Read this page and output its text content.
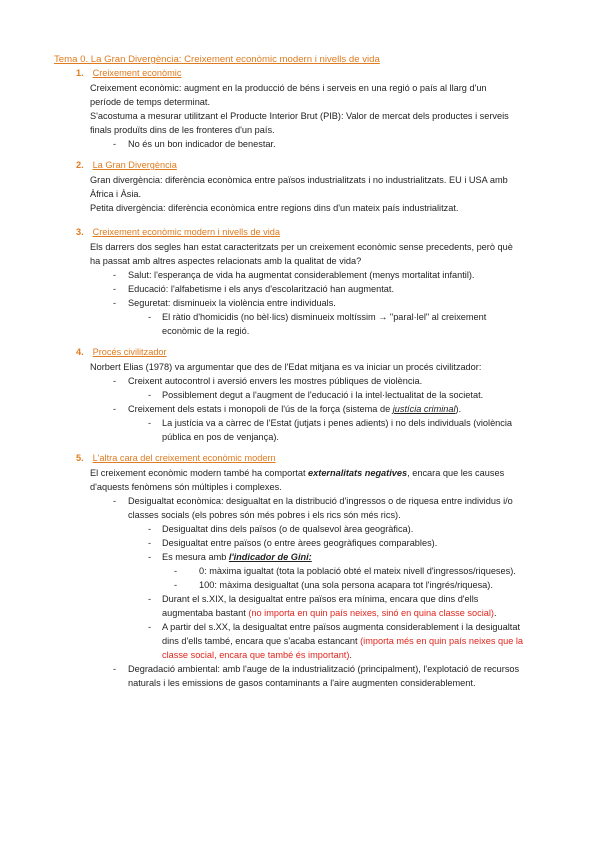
Tema 0. La Gran Divergència: Creixement econòmic modern i nivells de vida
1. Creixement econòmic
Creixement econòmic: augment en la producció de béns i serveis en una regió o país al llarg d'un
període de temps determinat.
S'acostuma a mesurar utilitzant el Producte Interior Brut (PIB): Valor de mercat dels productes i serveis
finals produïts dins de les fronteres d'un país.
- No és un bon indicador de benestar.
2. La Gran Divergència
Gran divergència: diferència econòmica entre països industrialitzats i no industrialitzats. EU i USA amb
Àfrica i Àsia.
Petita divergència: diferència econòmica entre regions dins d'un mateix país industrialitzat.
3. Creixement econòmic modern i nivells de vida
Els darrers dos segles han estat caracteritzats per un creixement econòmic sense precedents, però què
ha passat amb altres aspectes relacionats amb la qualitat de vida?
- Salut: l'esperança de vida ha augmentat considerablement (menys mortalitat infantil).
- Educació: l'alfabetisme i els anys d'escolarització han augmentat.
- Seguretat: disminueix la violència entre individuals.
- El ràtio d'homicidis (no bèl·lics) disminueix moltíssim → "paral·lel" al creixement
econòmic de la regió.
4. Procés civilitzador
Norbert Elias (1978) va argumentar que des de l'Edat mitjana es va iniciar un procés civilitzador:
- Creixent autocontrol i aversió envers les mostres públiques de violència.
- Possiblement degut a l'augment de l'educació i la intel·lectualitat de la societat.
- Creixement dels estats i monopoli de l'ús de la força (sistema de justícia criminal).
- La justícia va a càrrec de l'Estat (jutjats i penes adients) i no dels individuals (violència
pública en pos de venjança).
5. L'altra cara del creixement econòmic modern
El creixement econòmic modern també ha comportat externalitats negatives, encara que les causes
d'aquests fenòmens són múltiples i complexes.
- Desigualtat econòmica: desigualtat en la distribució d'ingressos o de riquesa entre individus i/o
classes socials (els pobres són més pobres i els rics són més rics).
- Desigualtat dins dels països (o de qualsevol àrea geogràfica).
- Desigualtat entre països (o entre àrees geogràfiques comparables).
- Es mesura amb l'indicador de Gini:
- 0: màxima igualtat (tota la població obté el mateix nivell d'ingressos/riqueses).
- 100: màxima desigualtat (una sola persona acapara tot l'ingrés/riquesa).
- Durant el s.XIX, la desigualtat entre països era mínima, encara que dins d'ells
augmentaba bastant (no importa en quin país neixes, sinó en quina classe social).
- A partir del s.XX, la desigualtat entre països augmenta considerablement i la desigualtat
dins d'ells també, encara que s'acaba estancant (importa més en quin país neixes que la
classe social, encara que també és important).
- Degradació ambiental: amb l'auge de la industrialització (principalment), l'explotació de recursos
naturals i les emissions de gasos contaminants a l'aire augmenten considerablement.
